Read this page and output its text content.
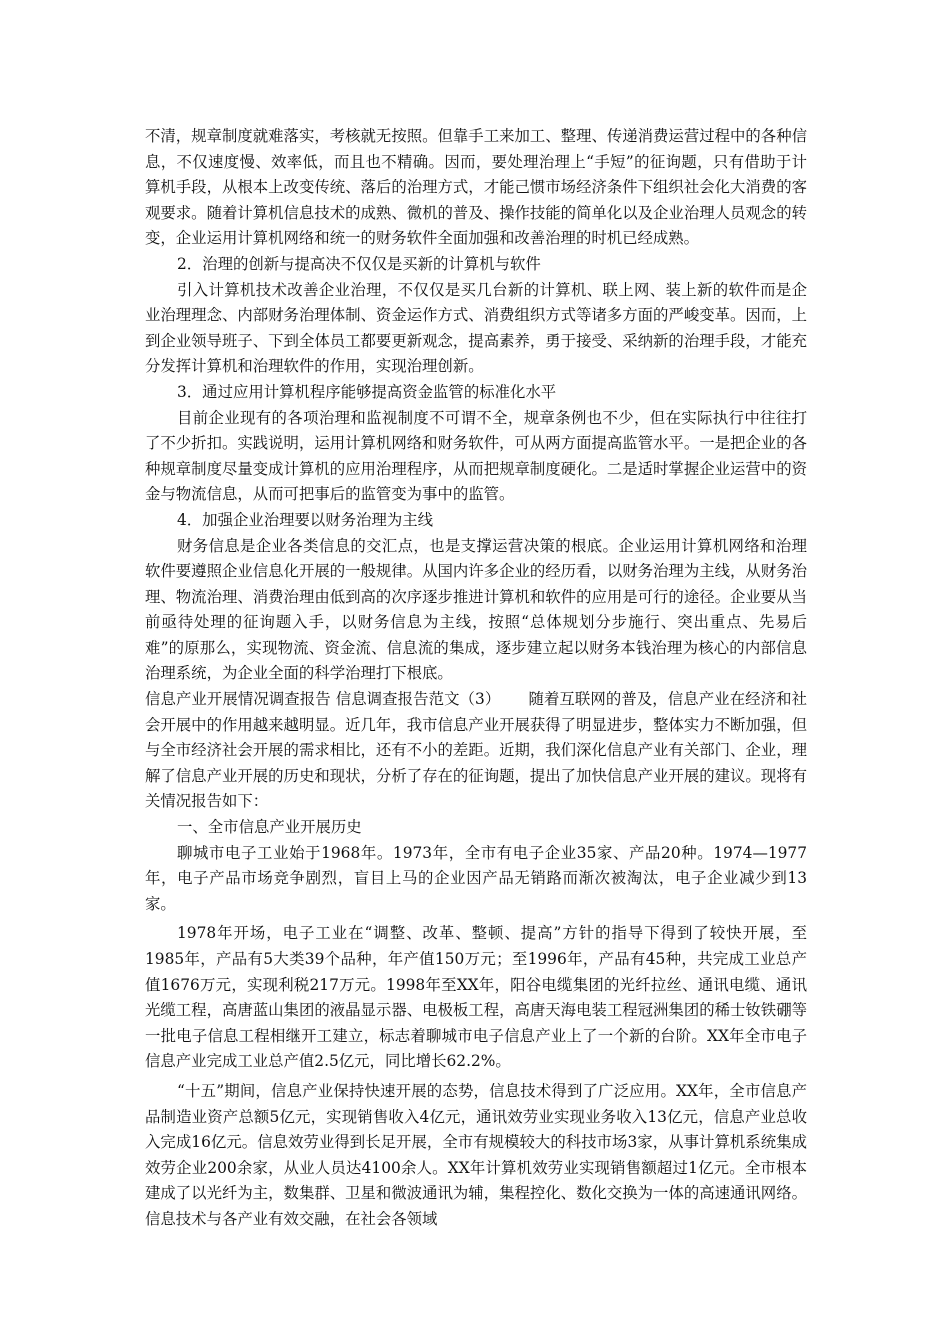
不清，规章制度就难落实，考核就无按照。但靠手工来加工、整理、传递消费运营过程中的各种信息，不仅速度慢、效率低，而且也不精确。因而，要处理治理上“手短”的征询题，只有借助于计算机手段，从根本上改变传统、落后的治理方式，才能己惯市场经济条件下组织社会化大消费的客观要求。随着计算机信息技术的成熟、微机的普及、操作技能的简单化以及企业治理人员观念的转变，企业运用计算机网络和统一的财务软件全面加强和改善治理的时机已经成熟。

2．治理的创新与提高决不仅仅是买新的计算机与软件

引入计算机技术改善企业治理，不仅仅是买几台新的计算机、联上网、装上新的软件而是企业治理理念、内部财务治理体制、资金运作方式、消费组织方式等诸多方面的严峻变革。因而，上到企业领导班子、下到全体员工都要更新观念，提高素养，勇于接受、采纳新的治理手段，才能充分发挥计算机和治理软件的作用，实现治理创新。

3．通过应用计算机程序能够提高资金监管的标准化水平

目前企业现有的各项治理和监视制度不可谓不全，规章条例也不少，但在实际执行中往往打了不少折扣。实践说明，运用计算机网络和财务软件，可从两方面提高监管水平。一是把企业的各种规章制度尽量变成计算机的应用治理程序，从而把规章制度硬化。二是适时掌握企业运营中的资金与物流信息，从而可把事后的监管变为事中的监管。

4．加强企业治理要以财务治理为主线

财务信息是企业各类信息的交汇点，也是支撑运营决策的根底。企业运用计算机网络和治理软件要遵照企业信息化开展的一般规律。从国内许多企业的经历看，以财务治理为主线，从财务治理、物流治理、消费治理由低到高的次序逐步推进计算机和软件的应用是可行的途径。企业要从当前亟待处理的征询题入手，以财务信息为主线，按照“总体规划分步施行、突出重点、先易后难”的原那么，实现物流、资金流、信息流的集成，逐步建立起以财务本钱治理为核心的内部信息治理系统，为企业全面的科学治理打下根底。

信息产业开展情况调查报告 信息调查报告范文（3） 随着互联网的普及，信息产业在经济和社会开展中的作用越来越明显。近几年，我市信息产业开展获得了明显进步，整体实力不断加强，但与全市经济社会开展的需求相比，还有不小的差距。近期，我们深化信息产业有关部门、企业，理解了信息产业开展的历史和现状，分析了存在的征询题，提出了加快信息产业开展的建议。现将有关情况报告如下：

一、全市信息产业开展历史

聊城市电子工业始于1968年。1973年，全市有电子企业35家、产品20种。1974—1977年，电子产品市场竞争剧烈，盲目上马的企业因产品无销路而渐次被淘汰，电子企业减少到13家。

1978年开场，电子工业在“调整、改革、整顿、提高”方针的指导下得到了较快开展，至1985年，产品有5大类39个品种，年产值150万元；至1996年，产品有45种，共完成工业总产值1676万元，实现利税217万元。1998年至XX年，阳谷电缆集团的光纤拉丝、通讯电缆、通讯光缆工程，高唐蓝山集团的液晶显示器、电极板工程，高唐天海电装工程冠洲集团的稀士钕铁硼等一批电子信息工程相继开工建立，标志着聊城市电子信息产业上了一个新的台阶。XX年全市电子信息产业完成工业总产值2.5亿元，同比增长62.2%。

“十五”期间，信息产业保持快速开展的态势，信息技术得到了广泛应用。XX年，全市信息产品制造业资产总额5亿元，实现销售收入4亿元，通讯效劳业实现业务收入13亿元，信息产业总收入完成16亿元。信息效劳业得到长足开展，全市有规模较大的科技市场3家，从事计算机系统集成效劳企业200余家，从业人员达4100余人。XX年计算机效劳业实现销售额超过1亿元。全市根本建成了以光纤为主，数集群、卫星和微波通讯为辅，集程控化、数化交换为一体的高速通讯网络。信息技术与各产业有效交融，在社会各领域
